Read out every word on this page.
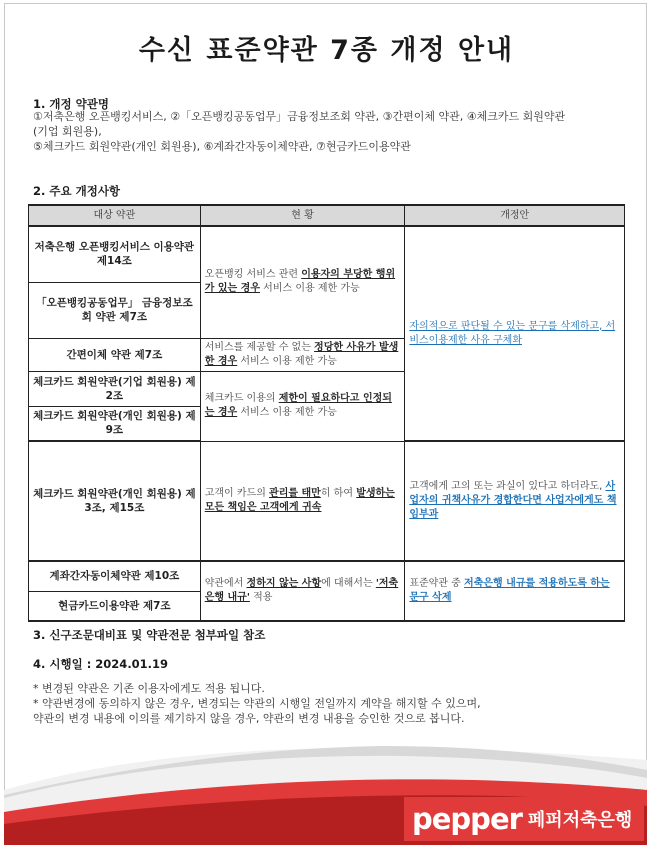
수신 표준약관 7종 개정 안내
1. 개정 약관명
①저축은행 오픈뱅킹서비스, ②「오픈뱅킹공동업무」금융정보조회 약관, ③간편이체 약관, ④체크카드 회원약관
(기업 회원용),
⑤체크카드 회원약관(개인 회원용), ⑥계좌간자동이체약관, ⑦현금카드이용약관
2. 주요 개정사항
대상 약관	현 황	개정안
저축은행 오픈뱅킹서비스 이용약관 제14조	오픈뱅킹 서비스 관련 이용자의 부당한 행위가 있는 경우 서비스 이용 제한 가능	자의적으로 판단될 수 있는 문구를 삭제하고, 서비스이용제한 사유 구체화
「오픈뱅킹공동업무」 금융정보조회 약관 제7조		
간편이체 약관 제7조	서비스를 제공할 수 없는 정당한 사유가 발생한 경우 서비스 이용 제한 가능	
체크카드 회원약관(기업 회원용) 제2조	체크카드 이용의 제한이 필요하다고 인정되는 경우 서비스 이용 제한 가능	
체크카드 회원약관(개인 회원용) 제9조		
체크카드 회원약관(개인 회원용) 제3조, 제15조	고객이 카드의 관리를 태만히 하여 발생하는 모든 책임은 고객에게 귀속	고객에게 고의 또는 과실이 있다고 하더라도, 사업자의 귀책사유가 경합한다면 사업자에게도 책임부과
계좌간자동이체약관 제10조	약관에서 정하지 않는 사항에 대해서는 '저축은행 내규' 적용	표준약관 중 저축은행 내규를 적용하도록 하는 문구 삭제
현금카드이용약관 제7조		
3. 신구조문대비표 및 약관전문 첨부파일 참조
4. 시행일 : 2024.01.19
* 변경된 약관은 기존 이용자에게도 적용 됩니다.
* 약관변경에 동의하지 않은 경우, 변경되는 약관의 시행일 전일까지 계약을 해지할 수 있으며,
약관의 변경 내용에 이의를 제기하지 않을 경우, 약관의 변경 내용을 승인한 것으로 봅니다.
pepper 페퍼저축은행
